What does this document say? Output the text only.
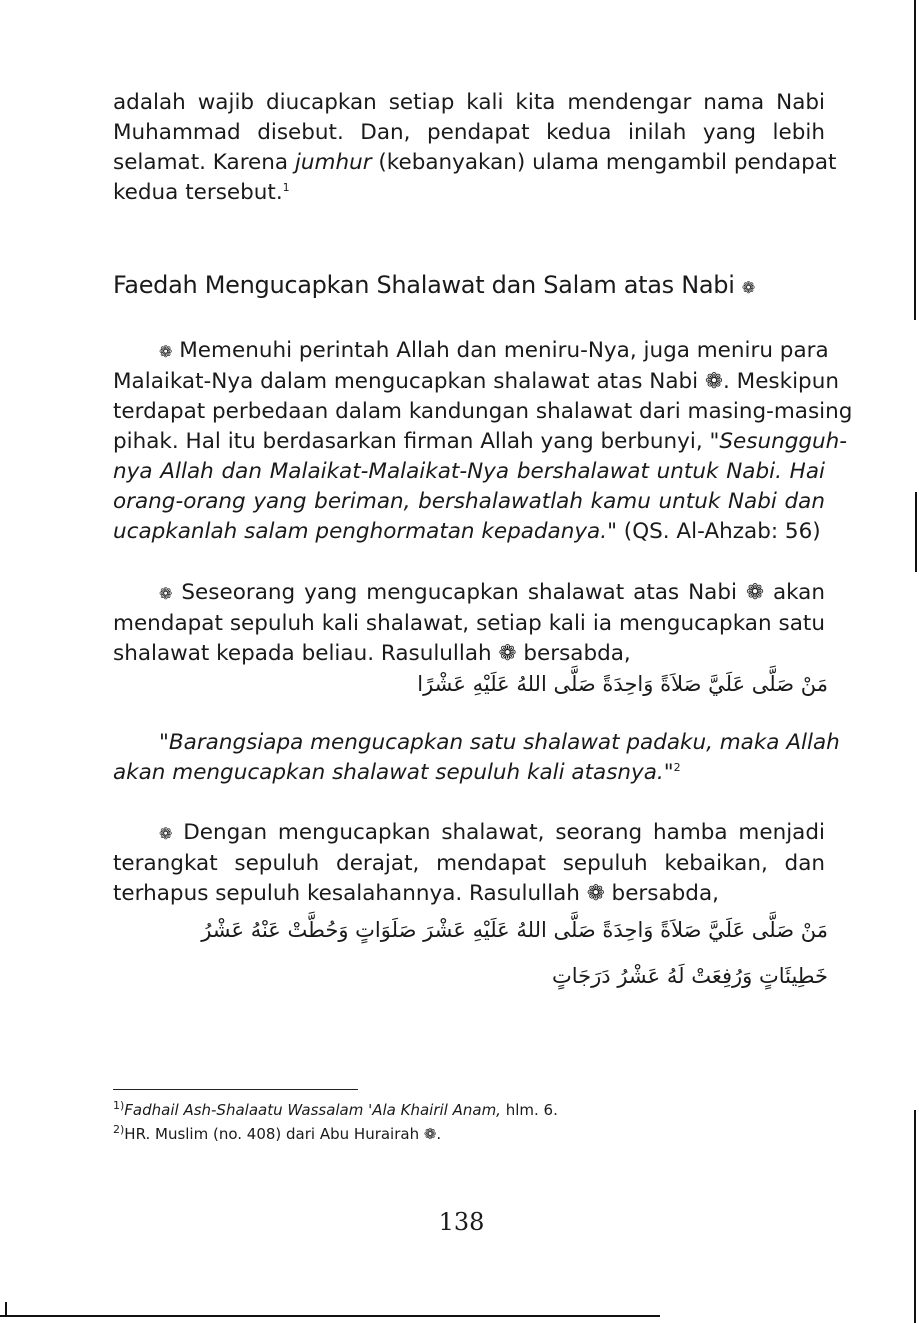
adalah wajib diucapkan setiap kali kita mendengar nama Nabi
Muhammad disebut. Dan, pendapat kedua inilah yang lebih
selamat. Karena jumhur (kebanyakan) ulama mengambil pendapat
kedua tersebut.$^1$
Faedah Mengucapkan Shalawat dan Salam atas Nabi ❁
❁ Memenuhi perintah Allah dan meniru-Nya, juga meniru para
Malaikat-Nya dalam mengucapkan shalawat atas Nabi ❁. Meskipun
terdapat perbedaan dalam kandungan shalawat dari masing-masing
pihak. Hal itu berdasarkan firman Allah yang berbunyi, "Sesungguh-
nya Allah dan Malaikat-Malaikat-Nya bershalawat untuk Nabi. Hai
orang-orang yang beriman, bershalawatlah kamu untuk Nabi dan
ucapkanlah salam penghormatan kepadanya." (QS. Al-Ahzab: 56)
❁ Seseorang yang mengucapkan shalawat atas Nabi ❁ akan
mendapat sepuluh kali shalawat, setiap kali ia mengucapkan satu
shalawat kepada beliau. Rasulullah ❁ bersabda,
مَنْ صَلَّى عَلَيَّ صَلاَةً وَاحِدَةً صَلَّى اللهُ عَلَيْهِ عَشْرًا
"Barangsiapa mengucapkan satu shalawat padaku, maka Allah
akan mengucapkan shalawat sepuluh kali atasnya."$^2$
❁ Dengan mengucapkan shalawat, seorang hamba menjadi
terangkat sepuluh derajat, mendapat sepuluh kebaikan, dan
terhapus sepuluh kesalahannya. Rasulullah ❁ bersabda,
مَنْ صَلَّى عَلَيَّ صَلاَةً وَاحِدَةً صَلَّى اللهُ عَلَيْهِ عَشْرَ صَلَوَاتٍ وَحُطَّتْ عَنْهُ عَشْرُ
خَطِيئَاتٍ وَرُفِعَتْ لَهُ عَشْرُ دَرَجَاتٍ
$^{1)}$Fadhail Ash-Shalaatu Wassalam 'Ala Khairil Anam, hlm. 6.
$^{2)}$HR. Muslim (no. 408) dari Abu Hurairah ❁.
138
